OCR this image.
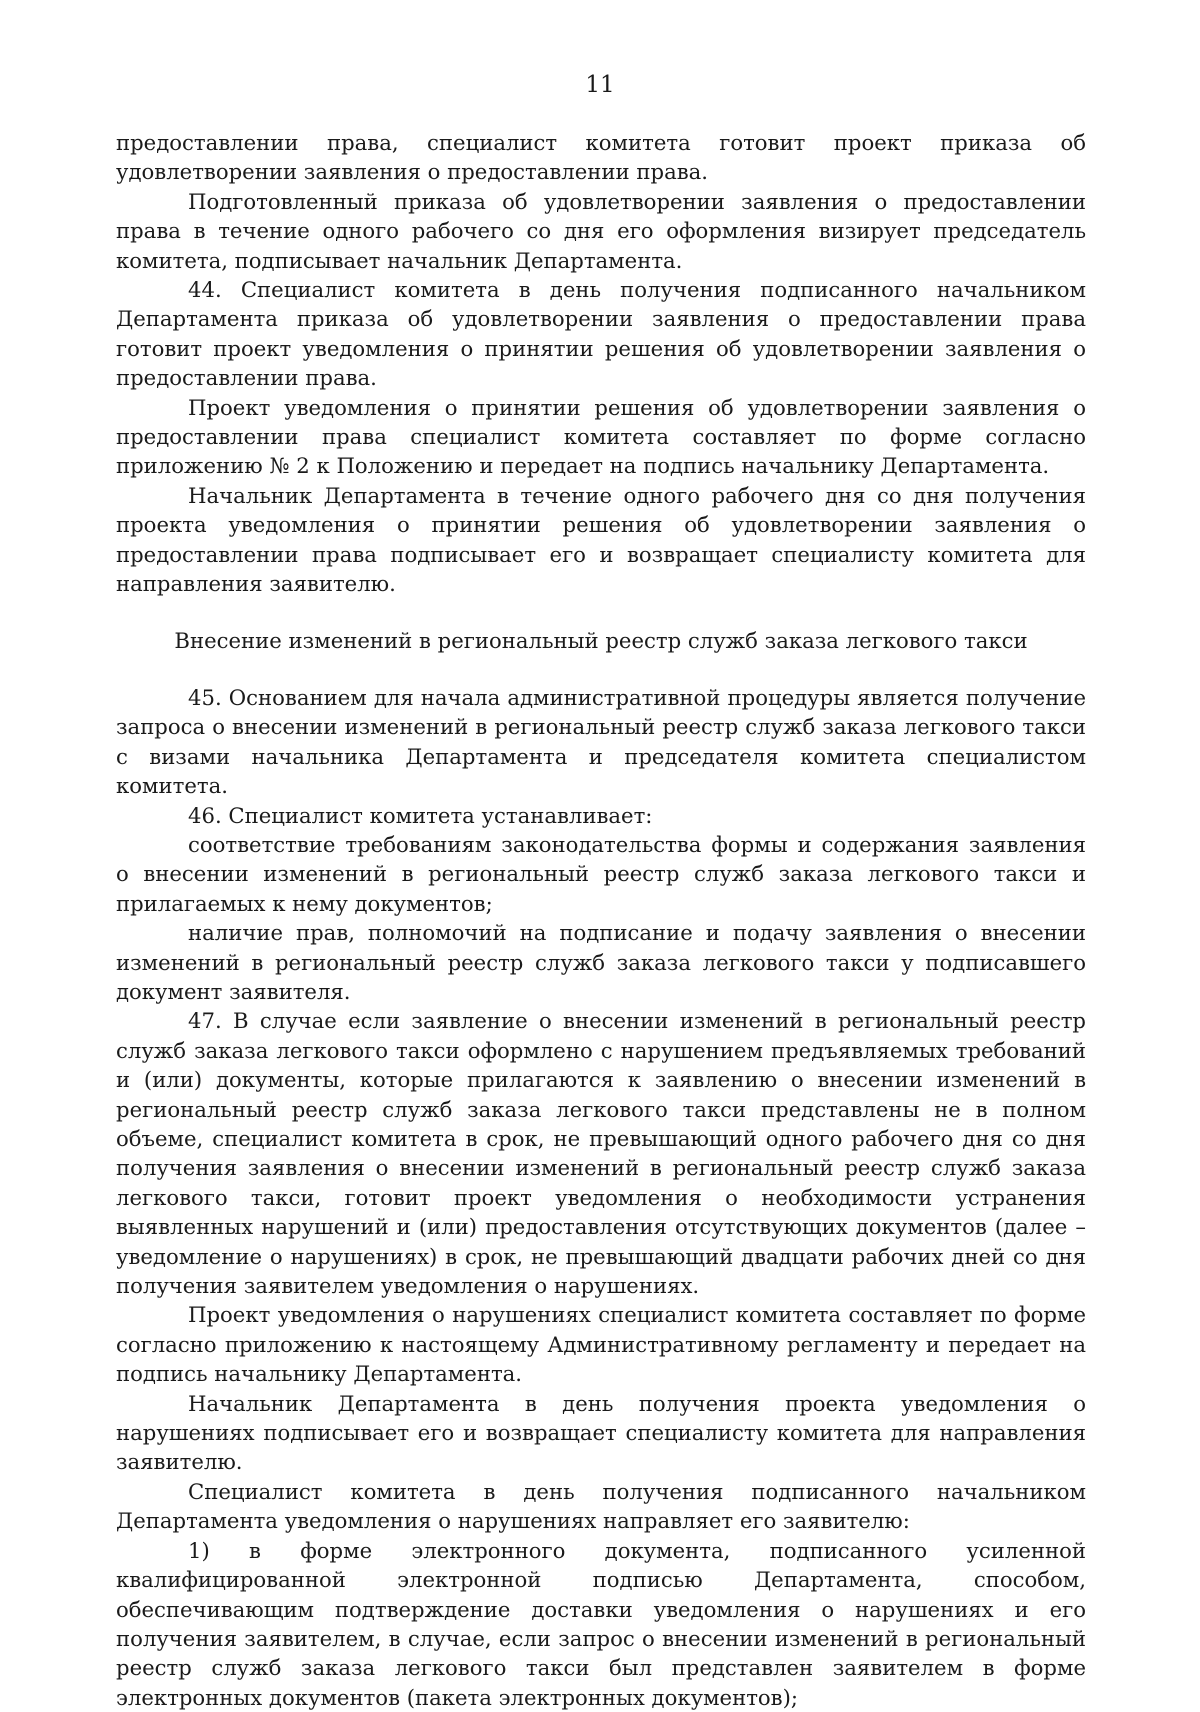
11

предоставлении права, специалист комитета готовит проект приказа об удовлетворении заявления о предоставлении права.

Подготовленный приказа об удовлетворении заявления о предоставлении права в течение одного рабочего со дня его оформления визирует председатель комитета, подписывает начальник Департамента.

44. Специалист комитета в день получения подписанного начальником Департамента приказа об удовлетворении заявления о предоставлении права готовит проект уведомления о принятии решения об удовлетворении заявления о предоставлении права.

Проект уведомления о принятии решения об удовлетворении заявления о предоставлении права специалист комитета составляет по форме согласно приложению № 2 к Положению и передает на подпись начальнику Департамента.

Начальник Департамента в течение одного рабочего дня со дня получения проекта уведомления о принятии решения об удовлетворении заявления о предоставлении права подписывает его и возвращает специалисту комитета для направления заявителю.

Внесение изменений в региональный реестр служб заказа легкового такси

45. Основанием для начала административной процедуры является получение запроса о внесении изменений в региональный реестр служб заказа легкового такси с визами начальника Департамента и председателя комитета специалистом комитета.

46. Специалист комитета устанавливает:

соответствие требованиям законодательства формы и содержания заявления о внесении изменений в региональный реестр служб заказа легкового такси и прилагаемых к нему документов;

наличие прав, полномочий на подписание и подачу заявления о внесении изменений в региональный реестр служб заказа легкового такси у подписавшего документ заявителя.

47. В случае если заявление о внесении изменений в региональный реестр служб заказа легкового такси оформлено с нарушением предъявляемых требований и (или) документы, которые прилагаются к заявлению о внесении изменений в региональный реестр служб заказа легкового такси представлены не в полном объеме, специалист комитета в срок, не превышающий одного рабочего дня со дня получения заявления о внесении изменений в региональный реестр служб заказа легкового такси, готовит проект уведомления о необходимости устранения выявленных нарушений и (или) предоставления отсутствующих документов (далее – уведомление о нарушениях) в срок, не превышающий двадцати рабочих дней со дня получения заявителем уведомления о нарушениях.

Проект уведомления о нарушениях специалист комитета составляет по форме согласно приложению к настоящему Административному регламенту и передает на подпись начальнику Департамента.

Начальник Департамента в день получения проекта уведомления о нарушениях подписывает его и возвращает специалисту комитета для направления заявителю.

Специалист комитета в день получения подписанного начальником Департамента уведомления о нарушениях направляет его заявителю:

1) в форме электронного документа, подписанного усиленной квалифицированной электронной подписью Департамента, способом, обеспечивающим подтверждение доставки уведомления о нарушениях и его получения заявителем, в случае, если запрос о внесении изменений в региональный реестр служб заказа легкового такси был представлен заявителем в форме электронных документов (пакета электронных документов);
